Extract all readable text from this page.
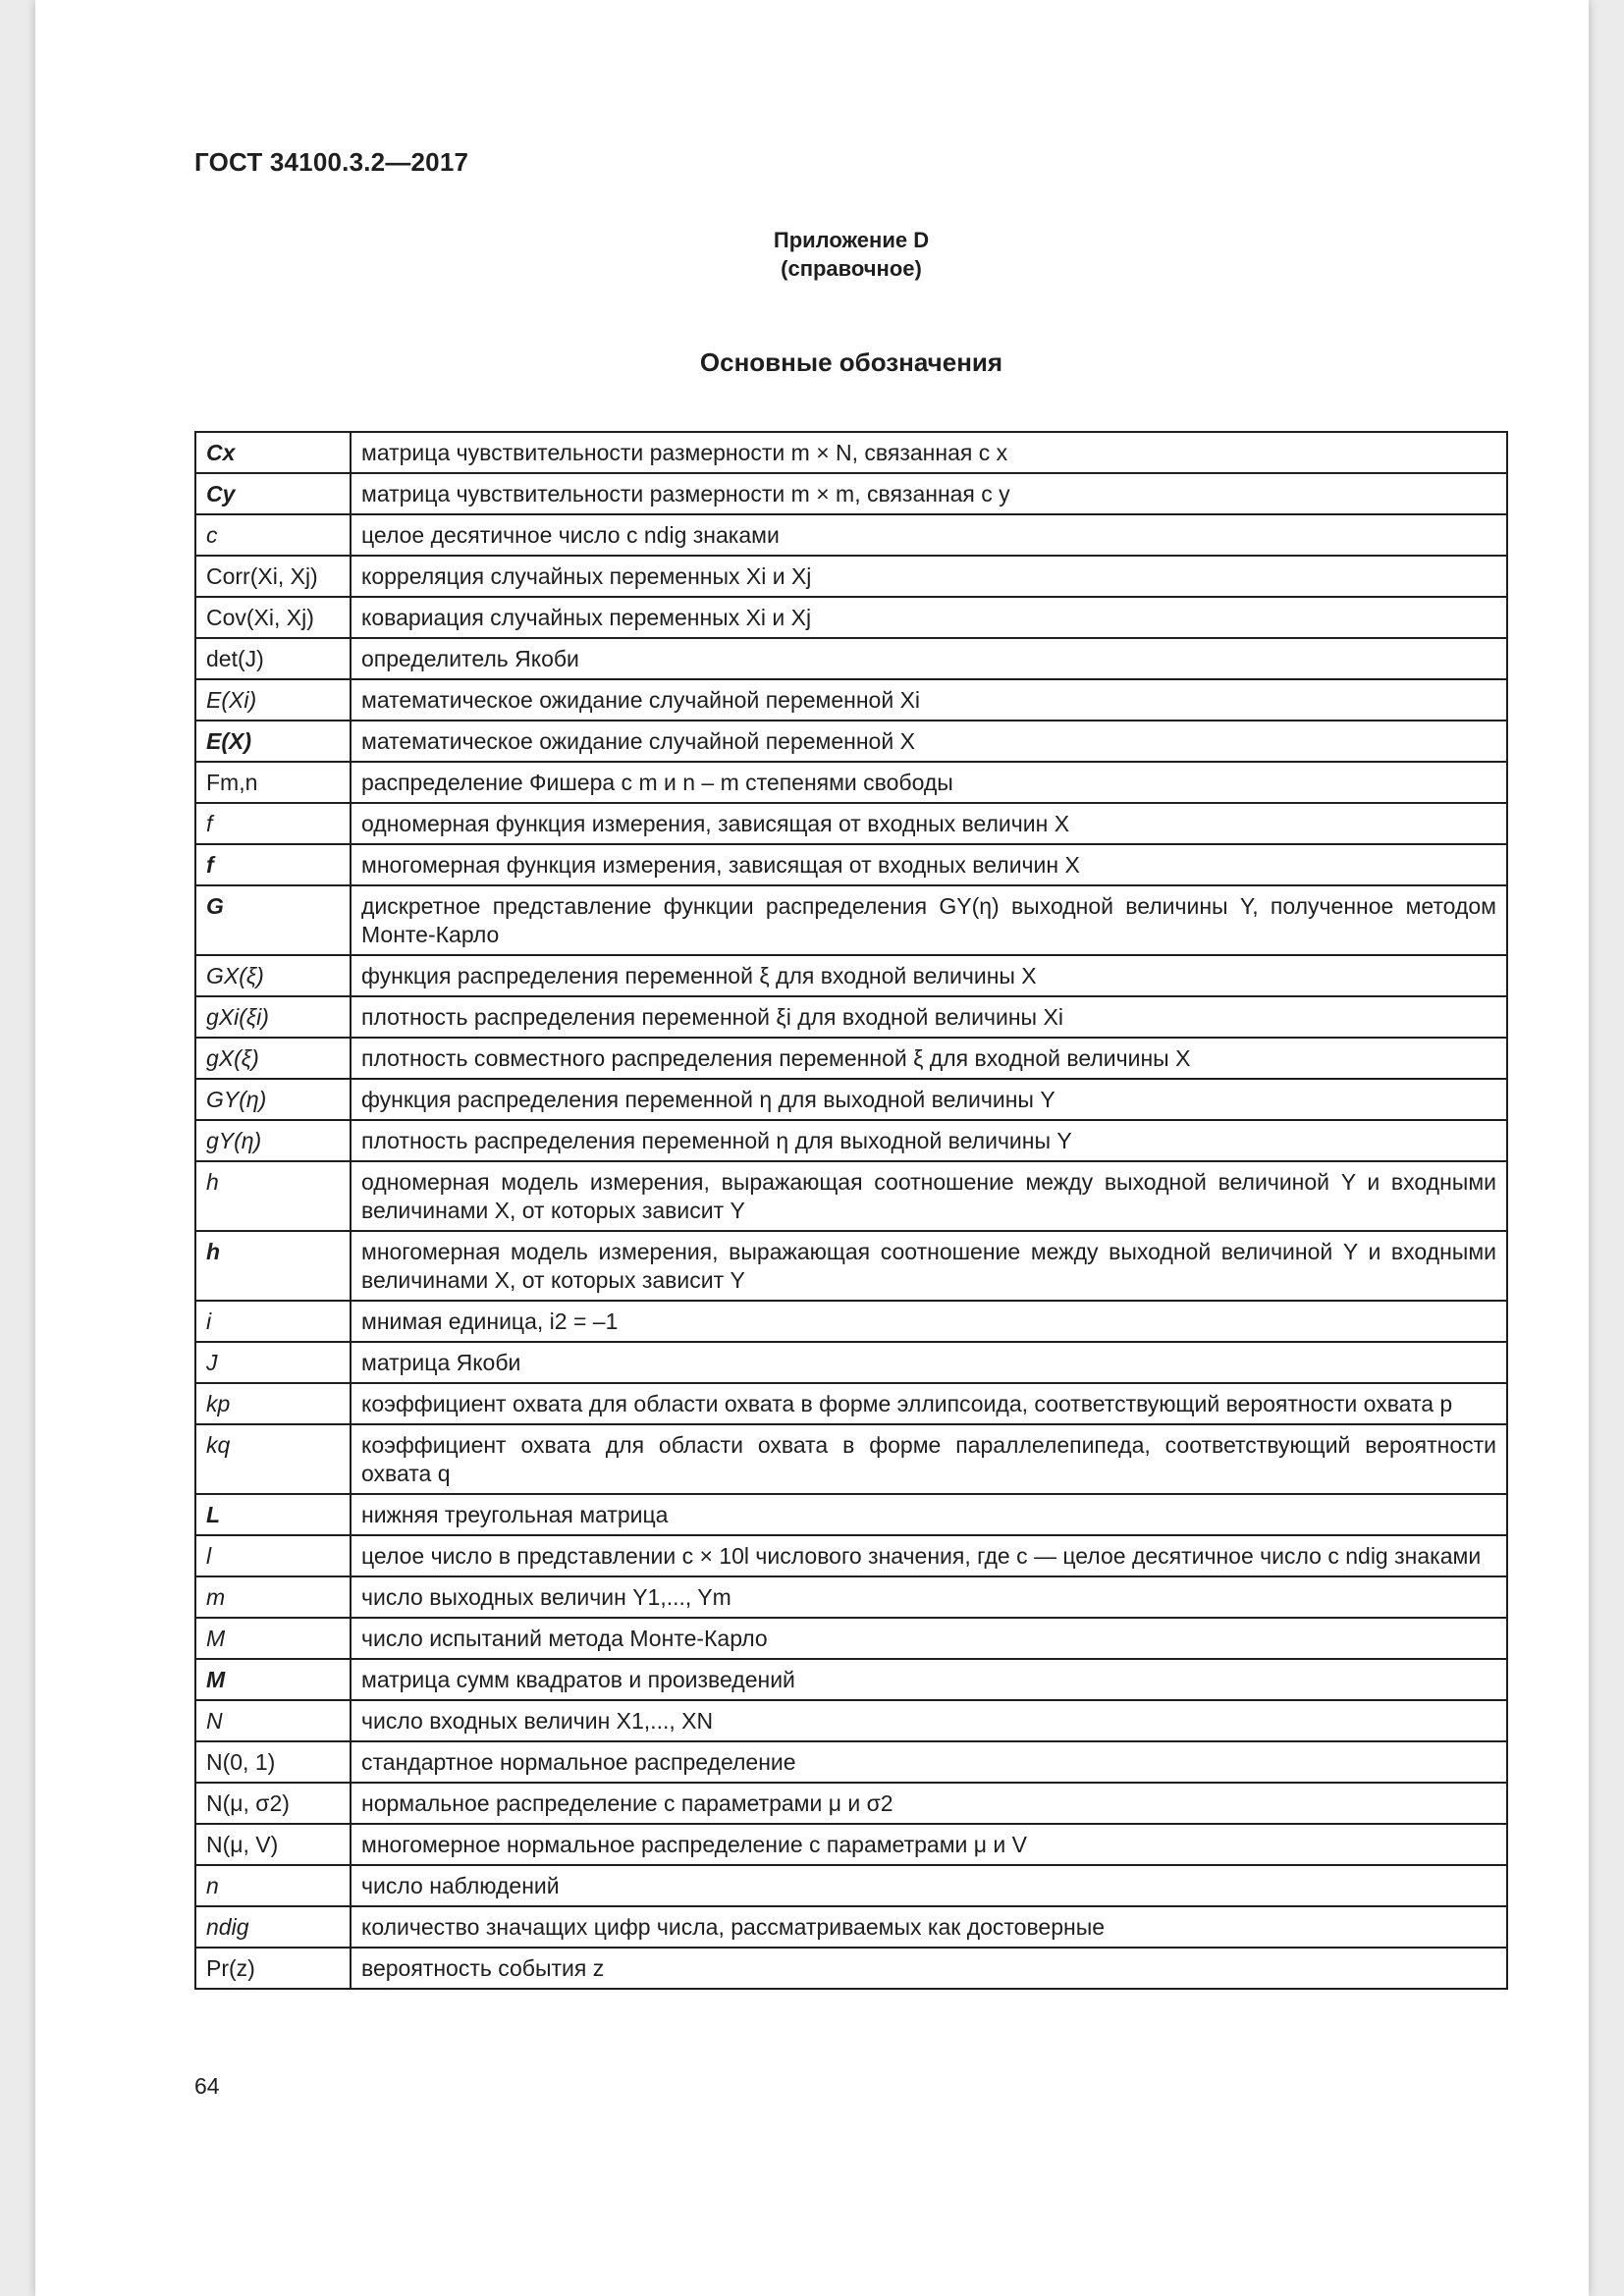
ГОСТ 34100.3.2—2017
Приложение D
(справочное)
Основные обозначения
Cx	матрица чувствительности размерности m × N, связанная с x
Cy	матрица чувствительности размерности m × m, связанная с y
c	целое десятичное число с ndig знаками
Corr(Xi, Xj)	корреляция случайных переменных Xi и Xj
Cov(Xi, Xj)	ковариация случайных переменных Xi и Xj
det(J)	определитель Якоби
E(Xi)	математическое ожидание случайной переменной Xi
E(X)	математическое ожидание случайной переменной X
Fm,n	распределение Фишера с m и n – m степенями свободы
f	одномерная функция измерения, зависящая от входных величин X
f	многомерная функция измерения, зависящая от входных величин X
G	дискретное представление функции распределения GY(η) выходной величины Y, полученное методом Монте-Карло
GX(ξ)	функция распределения переменной ξ для входной величины X
gXi(ξi)	плотность распределения переменной ξi для входной величины Xi
gX(ξ)	плотность совместного распределения переменной ξ для входной величины X
GY(η)	функция распределения переменной η для выходной величины Y
gY(η)	плотность распределения переменной η для выходной величины Y
h	одномерная модель измерения, выражающая соотношение между выходной величиной Y и входными величинами X, от которых зависит Y
h	многомерная модель измерения, выражающая соотношение между выходной величиной Y и входными величинами X, от которых зависит Y
i	мнимая единица, i2 = –1
J	матрица Якоби
kp	коэффициент охвата для области охвата в форме эллипсоида, соответствующий вероятности охвата p
kq	коэффициент охвата для области охвата в форме параллелепипеда, соответствующий вероятности охвата q
L	нижняя треугольная матрица
l	целое число в представлении c × 10l числового значения, где c — целое десятичное число с ndig знаками
m	число выходных величин Y1,..., Ym
M	число испытаний метода Монте-Карло
M	матрица сумм квадратов и произведений
N	число входных величин X1,..., XN
N(0, 1)	стандартное нормальное распределение
N(μ, σ2)	нормальное распределение с параметрами μ и σ2
N(μ, V)	многомерное нормальное распределение с параметрами μ и V
n	число наблюдений
ndig	количество значащих цифр числа, рассматриваемых как достоверные
Pr(z)	вероятность события z
64
